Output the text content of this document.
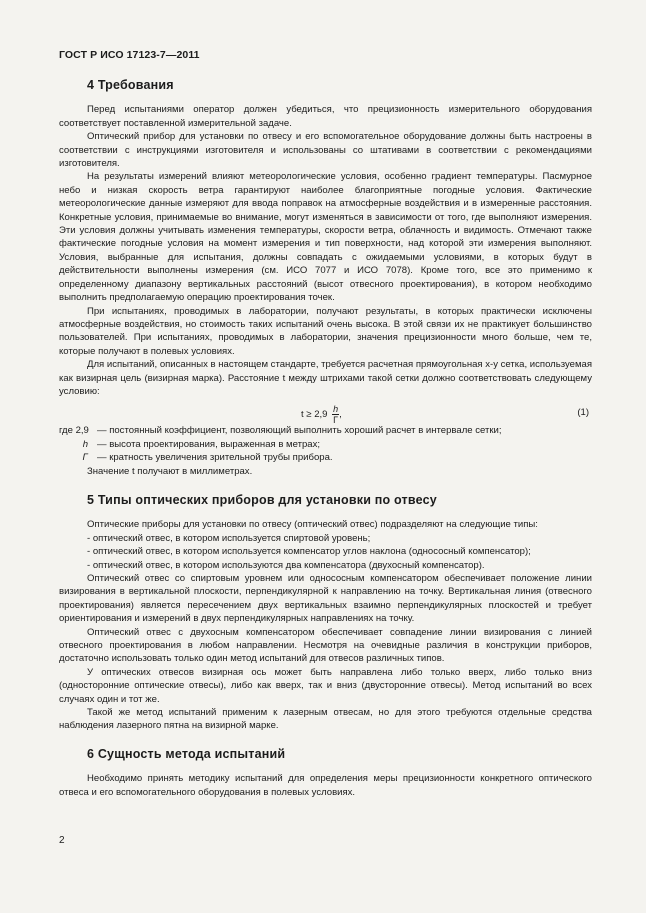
ГОСТ Р ИСО 17123-7—2011
4 Требования

Перед испытаниями оператор должен убедиться, что прецизионность измерительного оборудования соответствует поставленной измерительной задаче.

Оптический прибор для установки по отвесу и его вспомогательное оборудование должны быть настроены в соответствии с инструкциями изготовителя и использованы со штативами в соответствии с рекомендациями изготовителя.

На результаты измерений влияют метеорологические условия, особенно градиент температуры. Пасмурное небо и низкая скорость ветра гарантируют наиболее благоприятные погодные условия. Фактические метеорологические данные измеряют для ввода поправок на атмосферные воздействия и в измеренные расстояния. Конкретные условия, принимаемые во внимание, могут изменяться в зависимости от того, где выполняют измерения. Эти условия должны учитывать изменения температуры, скорости ветра, облачность и видимость. Отмечают также фактические погодные условия на момент измерения и тип поверхности, над которой эти измерения выполняют. Условия, выбранные для испытания, должны совпадать с ожидаемыми условиями, в которых будут в действительности выполнены измерения (см. ИСО 7077 и ИСО 7078). Кроме того, все это применимо к определенному диапазону вертикальных расстояний (высот отвесного проектирования), в котором необходимо выполнить предполагаемую операцию проектирования точек.

При испытаниях, проводимых в лаборатории, получают результаты, в которых практически исключены атмосферные воздействия, но стоимость таких испытаний очень высока. В этой связи их не практикует большинство пользователей. При испытаниях, проводимых в лаборатории, значения прецизионности много больше, чем те, которые получают в полевых условиях.

Для испытаний, описанных в настоящем стандарте, требуется расчетная прямоугольная x-y сетка, используемая как визирная цель (визирная марка). Расстояние t между штрихами такой сетки должно соответствовать следующему условию:

$t \ge 2,9 \frac{h}{\Gamma}$ ,	(1)
где 2,9 — постоянный коэффициент, позволяющий выполнить хороший расчет в интервале сетки;
h — высота проектирования, выраженная в метрах;
Γ — кратность увеличения зрительной трубы прибора.

Значение t получают в миллиметрах.

5 Типы оптических приборов для установки по отвесу

Оптические приборы для установки по отвесу (оптический отвес) подразделяют на следующие типы:

- оптический отвес, в котором используется спиртовой уровень;

- оптический отвес, в котором используется компенсатор углов наклона (однососный компенсатор);

- оптический отвес, в котором используются два компенсатора (двухосный компенсатор).

Оптический отвес со спиртовым уровнем или однососным компенсатором обеспечивает положение линии визирования в вертикальной плоскости, перпендикулярной к направлению на точку. Вертикальная линия (отвесного проектирования) является пересечением двух вертикальных взаимно перпендикулярных плоскостей и требует ориентирования и измерений в двух перпендикулярных направлениях на точку.

Оптический отвес с двухосным компенсатором обеспечивает совпадение линии визирования с линией отвесного проектирования в любом направлении. Несмотря на очевидные различия в конструкции приборов, достаточно использовать только один метод испытаний для отвесов различных типов.

У оптических отвесов визирная ось может быть направлена либо только вверх, либо только вниз (односторонние оптические отвесы), либо как вверх, так и вниз (двусторонние отвесы). Метод испытаний во всех случаях один и тот же.

Такой же метод испытаний применим к лазерным отвесам, но для этого требуются отдельные средства наблюдения лазерного пятна на визирной марке.

6 Сущность метода испытаний

Необходимо принять методику испытаний для определения меры прецизионности конкретного оптического отвеса и его вспомогательного оборудования в полевых условиях.

2
